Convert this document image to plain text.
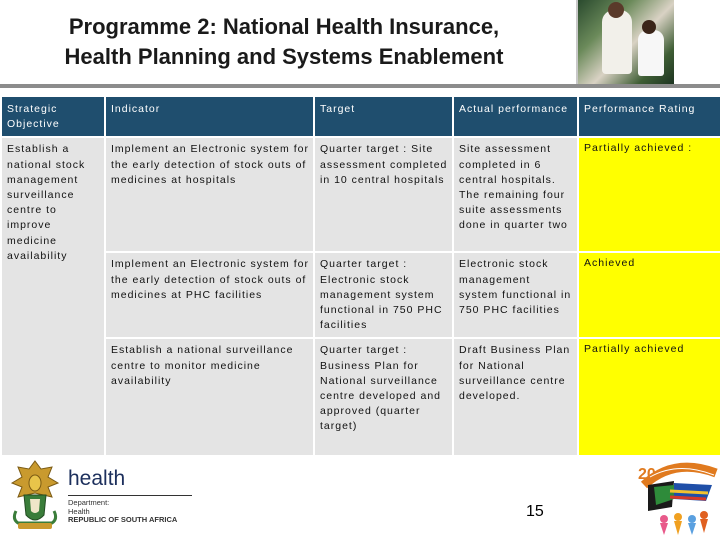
Programme 2: National Health Insurance,
Health Planning and Systems Enablement
Strategic Objective	Indicator	Target	Actual performance	Performance Rating
Establish a national stock management surveillance centre to improve medicine availability	Implement an Electronic system for the early detection of stock outs of medicines at hospitals	Quarter target : Site assessment completed in 10 central hospitals	Site assessment completed in 6 central hospitals. The remaining four suite assessments done in quarter two	Partially achieved :
	Implement an Electronic system for the early detection of stock outs of medicines at PHC facilities	Quarter target : Electronic stock management system functional in 750 PHC facilities	Electronic stock management system functional in 750 PHC facilities	Achieved
	Establish a national surveillance centre to monitor medicine availability	Quarter target : Business Plan for National surveillance centre developed and approved (quarter target)	Draft Business Plan for National surveillance centre developed.	Partially achieved
health
Department:
Health
REPUBLIC OF SOUTH AFRICA	15
20
